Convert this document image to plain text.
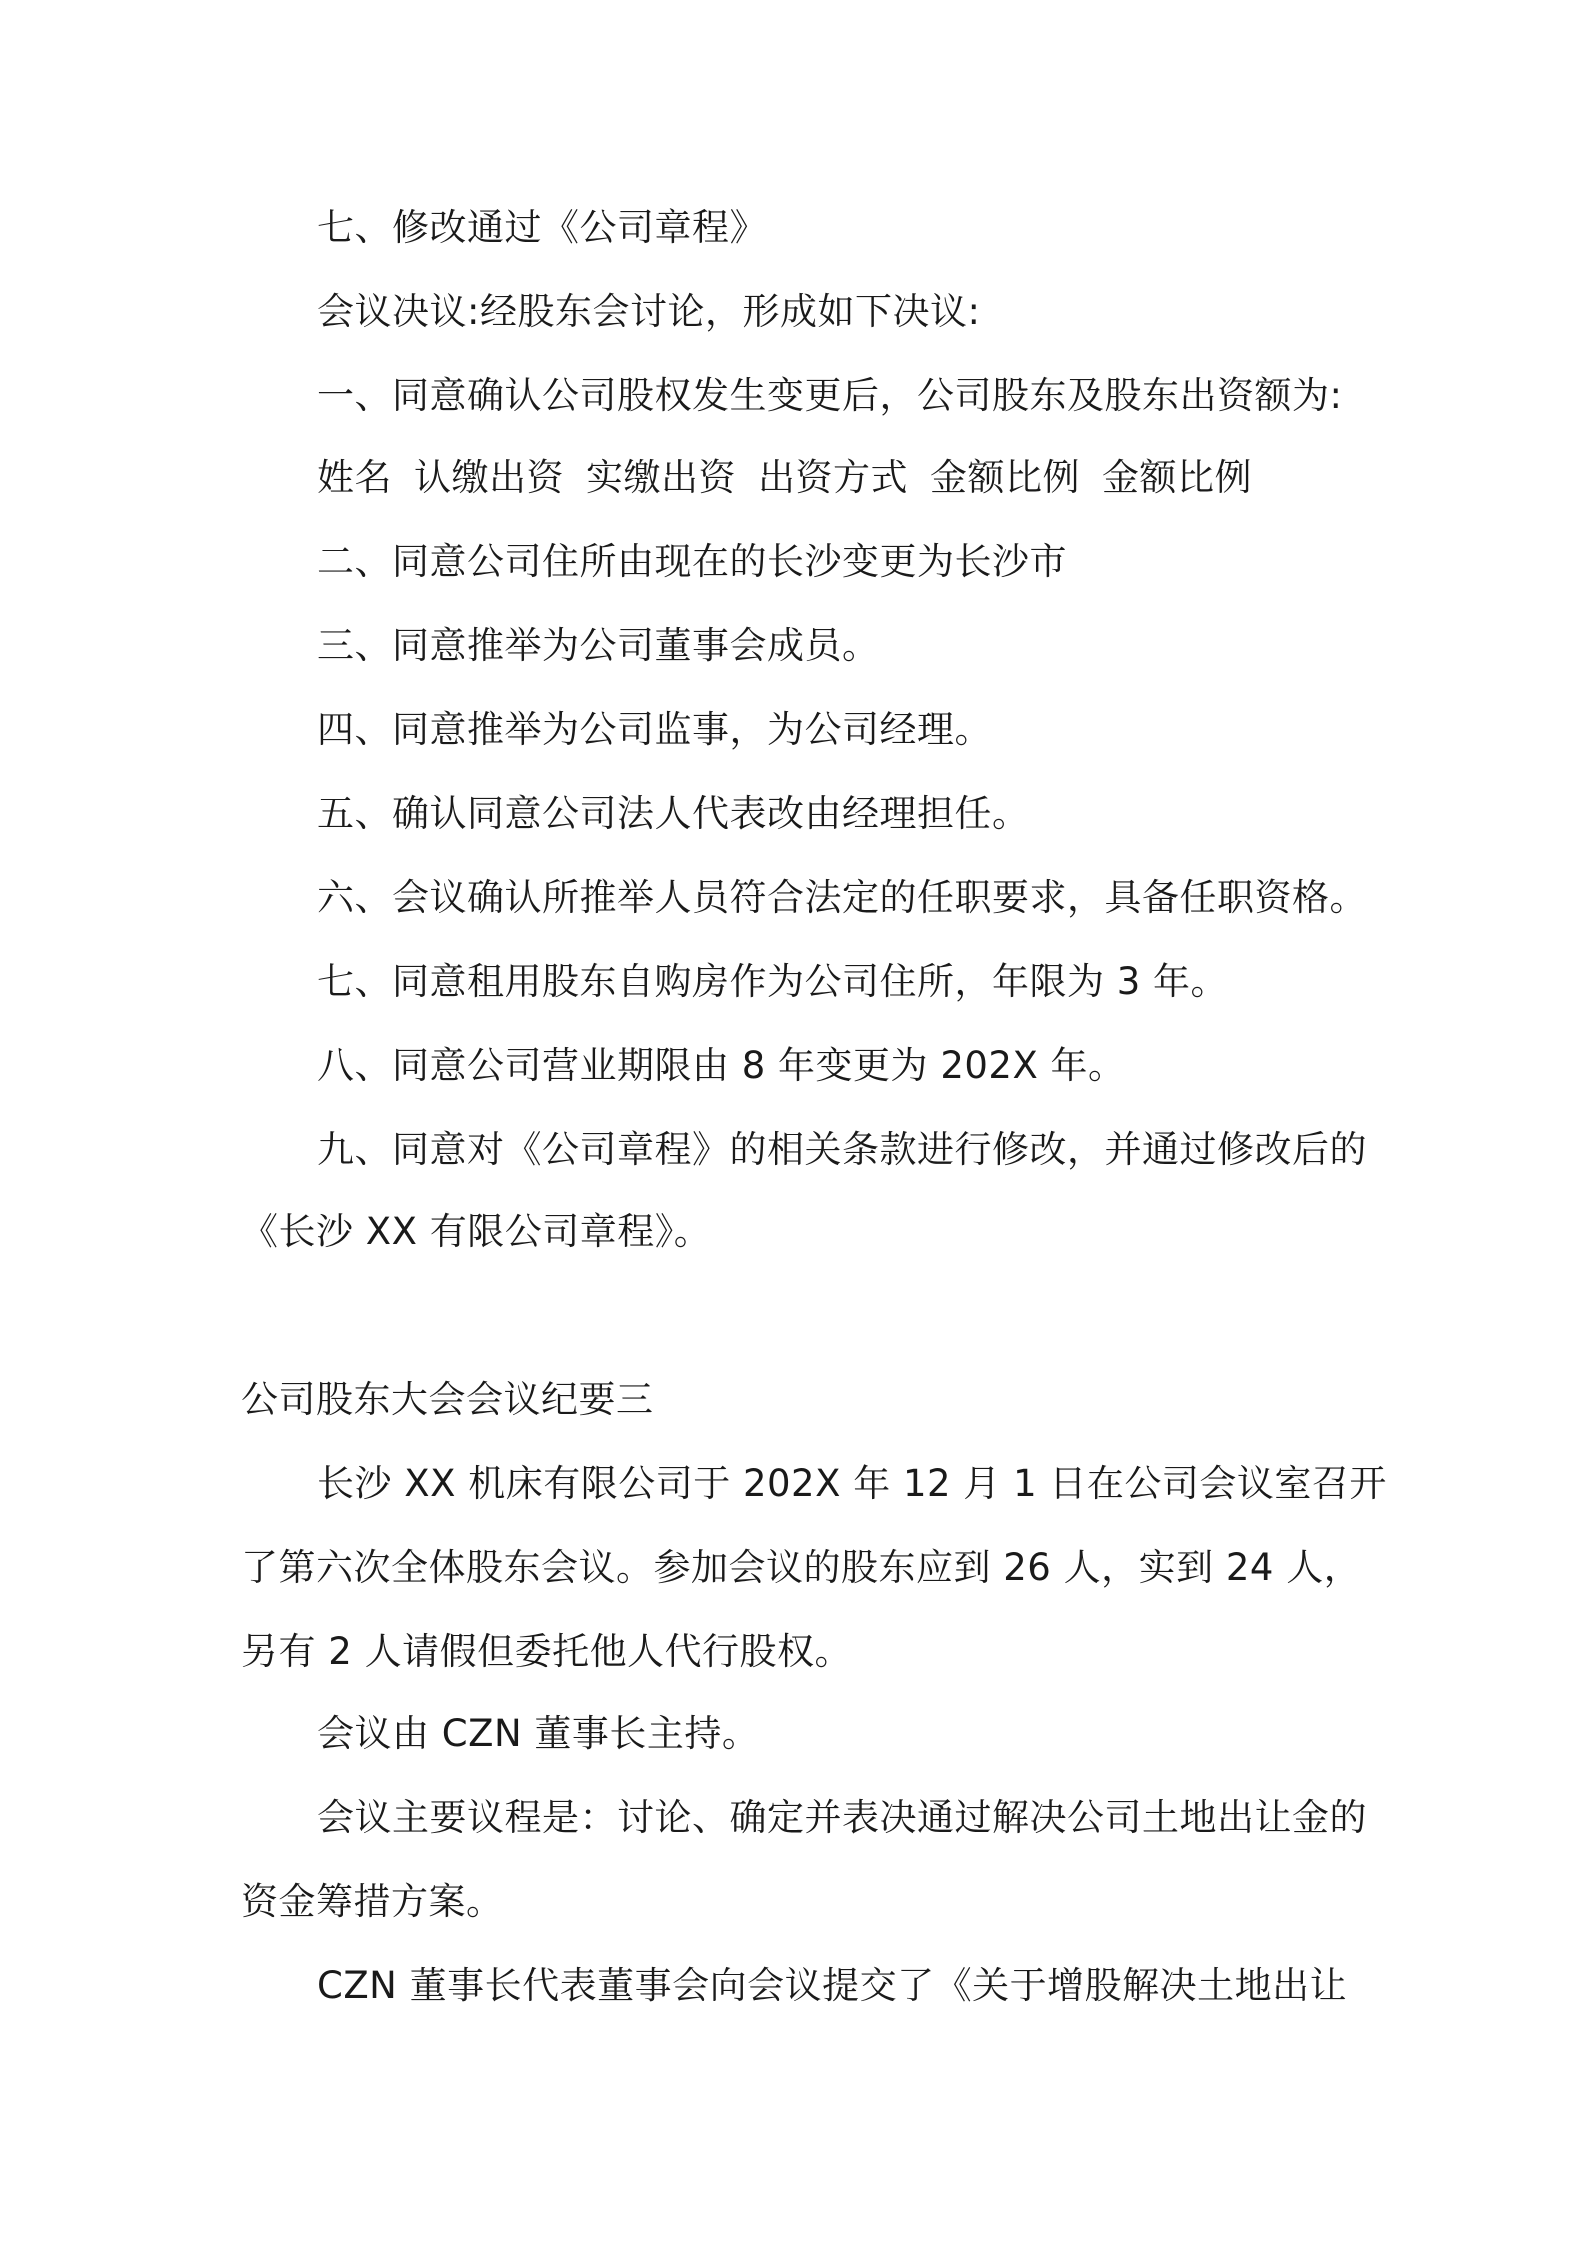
七、修改通过《公司章程》
会议决议:经股东会讨论，形成如下决议:
一、同意确认公司股权发生变更后，公司股东及股东出资额为:
姓名 认缴出资 实缴出资 出资方式 金额比例 金额比例
二、同意公司住所由现在的长沙变更为长沙市
三、同意推举为公司董事会成员。
四、同意推举为公司监事，为公司经理。
五、确认同意公司法人代表改由经理担任。
六、会议确认所推举人员符合法定的任职要求，具备任职资格。
七、同意租用股东自购房作为公司住所，年限为 3 年。
八、同意公司营业期限由 8 年变更为 202X 年。
九、同意对《公司章程》的相关条款进行修改，并通过修改后的
《长沙 XX 有限公司章程》。
公司股东大会会议纪要三
长沙 XX 机床有限公司于 202X 年 12 月 1 日在公司会议室召开
了第六次全体股东会议。参加会议的股东应到 26 人，实到 24 人，
另有 2 人请假但委托他人代行股权。
会议由 CZN 董事长主持。
会议主要议程是：讨论、确定并表决通过解决公司土地出让金的
资金筹措方案。
CZN 董事长代表董事会向会议提交了《关于增股解决土地出让
